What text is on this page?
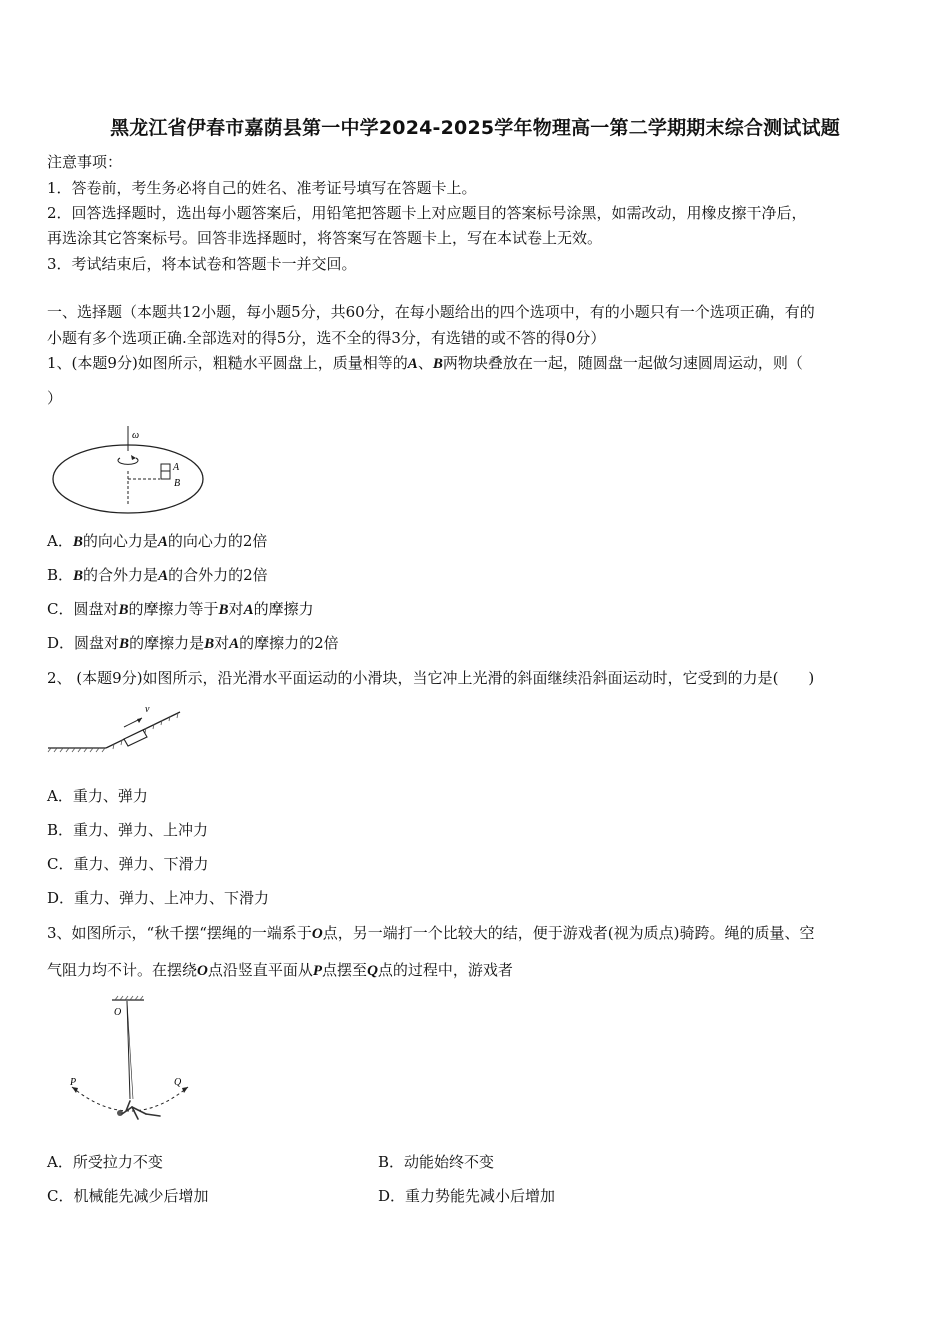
黑龙江省伊春市嘉荫县第一中学2024-2025学年物理高一第二学期期末综合测试试题
注意事项：
1．答卷前，考生务必将自己的姓名、准考证号填写在答题卡上。
2．回答选择题时，选出每小题答案后，用铅笔把答题卡上对应题目的答案标号涂黑，如需改动，用橡皮擦干净后，
再选涂其它答案标号。回答非选择题时，将答案写在答题卡上，写在本试卷上无效。
3．考试结束后，将本试卷和答题卡一并交回。
一、选择题（本题共12小题，每小题5分，共60分，在每小题给出的四个选项中，有的小题只有一个选项正确，有的
小题有多个选项正确.全部选对的得5分，选不全的得3分，有选错的或不答的得0分）
1、(本题9分)如图所示，粗糙水平圆盘上，质量相等的A、B两物块叠放在一起，随圆盘一起做匀速圆周运动，则（
）
ω
A
B
A．B的向心力是A的向心力的2倍
B．B的合外力是A的合外力的2倍
C．圆盘对B的摩擦力等于B对A的摩擦力
D．圆盘对B的摩擦力是B对A的摩擦力的2倍
2、 (本题9分)如图所示，沿光滑水平面运动的小滑块，当它冲上光滑的斜面继续沿斜面运动时，它受到的力是(　　)
v
A．重力、弹力
B．重力、弹力、上冲力
C．重力、弹力、下滑力
D．重力、弹力、上冲力、下滑力
3、如图所示，“秋千摆“摆绳的一端系于O点，另一端打一个比较大的结，便于游戏者(视为质点)骑跨。绳的质量、空
气阻力均不计。在摆绕O点沿竖直平面从P点摆至Q点的过程中，游戏者
O
P	Q
A．所受拉力不变	B．动能始终不变
C．机械能先减少后增加	D．重力势能先减小后增加
